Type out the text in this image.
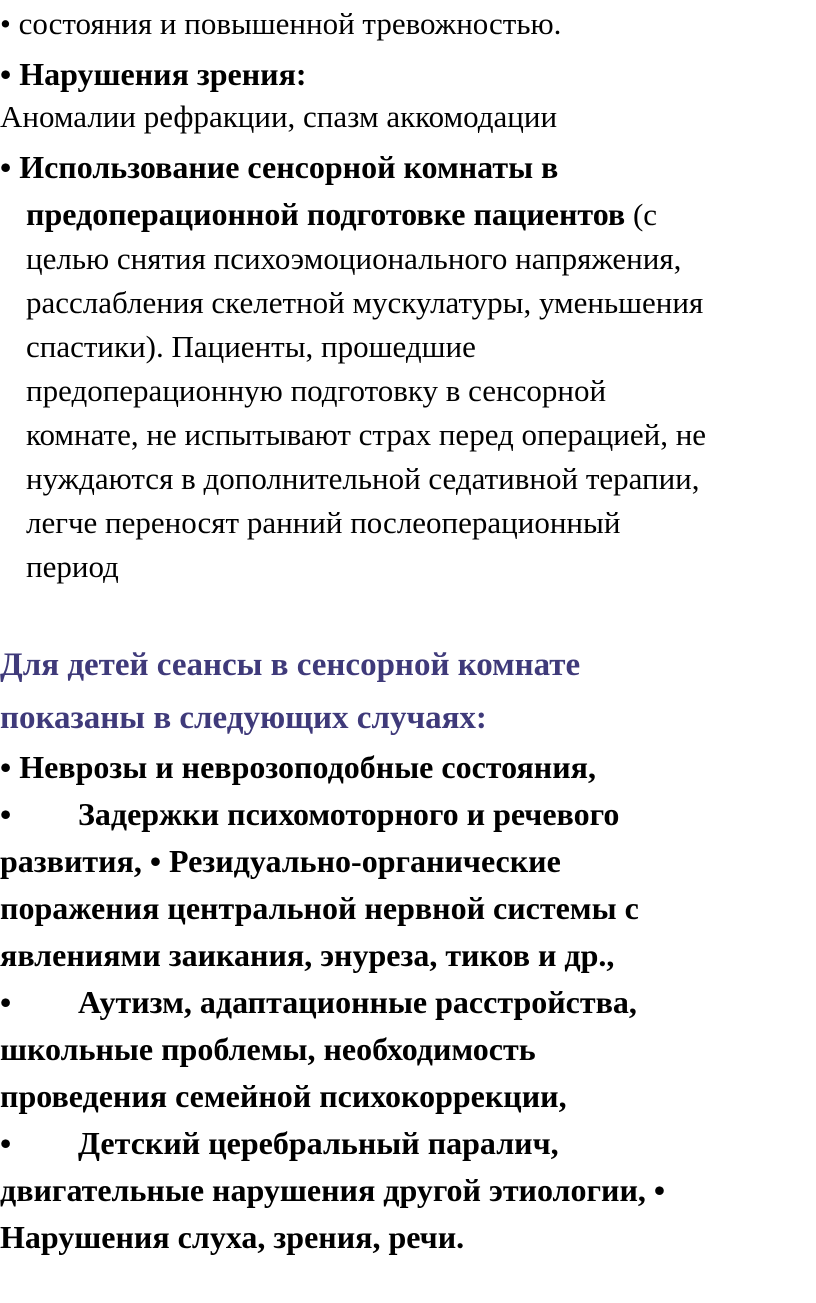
• состояния и повышенной тревожностью.
• Нарушения зрения:
Аномалии рефракции, спазм аккомодации
• Использование сенсорной комнаты в
предоперационной подготовке пациентов (с
целью снятия психоэмоционального напряжения,
расслабления скелетной мускулатуры, уменьшения
спастики). Пациенты, прошедшие
предоперационную подготовку в сенсорной
комнате, не испытывают страх перед операцией, не
нуждаются в дополнительной седативной терапии,
легче переносят ранний послеоперационный
период
Для детей сеансы в сенсорной комнате
показаны в следующих случаях:
• Неврозы и неврозоподобные состояния,
• Задержки психомоторного и речевого
развития, • Резидуально-органические
поражения центральной нервной системы с
явлениями заикания, энуреза, тиков и др.,
• Аутизм, адаптационные расстройства,
школьные проблемы, необходимость
проведения семейной психокоррекции,
• Детский церебральный паралич,
двигательные нарушения другой этиологии, •
Нарушения слуха, зрения, речи.
